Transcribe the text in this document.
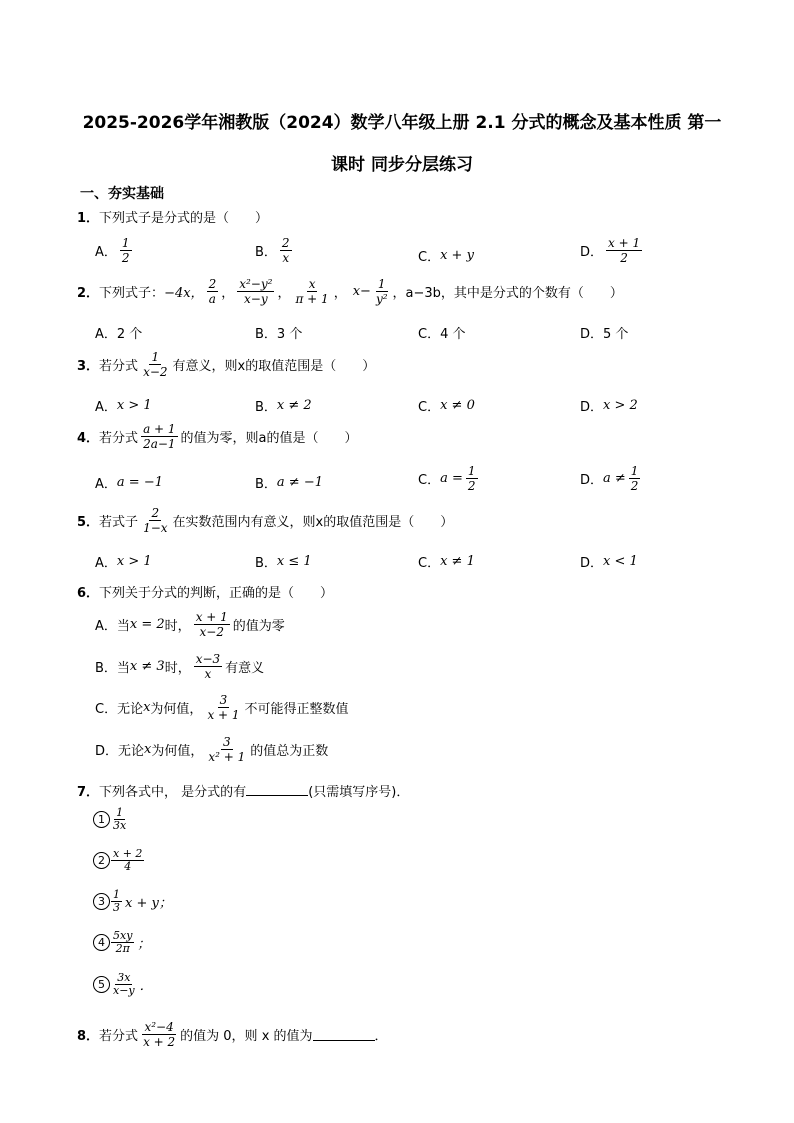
2025-2026学年湘教版（2024）数学八年级上册 2.1 分式的概念及基本性质 第一
课时 同步分层练习
一、夯实基础
1．下列式子是分式的是（　　）
A． $\frac{1}{2}$	B． $\frac{2}{x}$	C． x + y	D． $\frac{x + 1}{2}$
2． 下列式子： −4x， $\frac{2}{a}$ ， $\frac{\text{x²−y²}}{x-y}$ ， $\frac{x}{\pi + 1}$ ， $x- \frac{1}{\text{y²}}$ ，a−3b，其中是分式的个数有（　　）
A．2 个	B．3 个	C．4 个	D．5 个
3． 若分式 $\frac{1}{x-2}$ 有意义，则x的取值范围是（　　）
A． x > 1	B． x ≠ 2	C． x ≠ 0	D． x > 2
4． 若分式 $\frac{a + 1}{2a-1}$ 的值为零，则a的值是（　　）
A． a = −1	B． a ≠ −1	C． $a = \frac{1}{2}$	D． $a \ne \frac{1}{2}$
5． 若式子 $\frac{2}{1-x}$ 在实数范围内有意义，则x的取值范围是（　　）
A． x > 1	B． x ≤ 1	C． x ≠ 1	D． x < 1
6．下列关于分式的判断，正确的是（　　）
A．当 x = 2 时， $\frac{x + 1}{x-2}$ 的值为零
B．当 x ≠ 3 时， $\frac{x-3}{x}$ 有意义
C．无论 x 为何值， $\frac{3}{x + 1}$ 不可能得正整数值
D．无论 x 为何值， $\frac{3}{\text{x² + 1}}$ 的值总为正数
7．下列各式中， 是分式的有	(只需填写序号)．
$1 \frac{1}{3x}$
$2 \frac{x + 2}{4}$
$3 \frac{1}{3}$ x + y；
$4 \frac{5xy}{2\pi}$ ；
$5 \frac{3x}{x-y}$ ．
8． 若分式 $\frac{\text{x²−4}}{x + 2}$ 的值为 0，则 x 的值为	．
